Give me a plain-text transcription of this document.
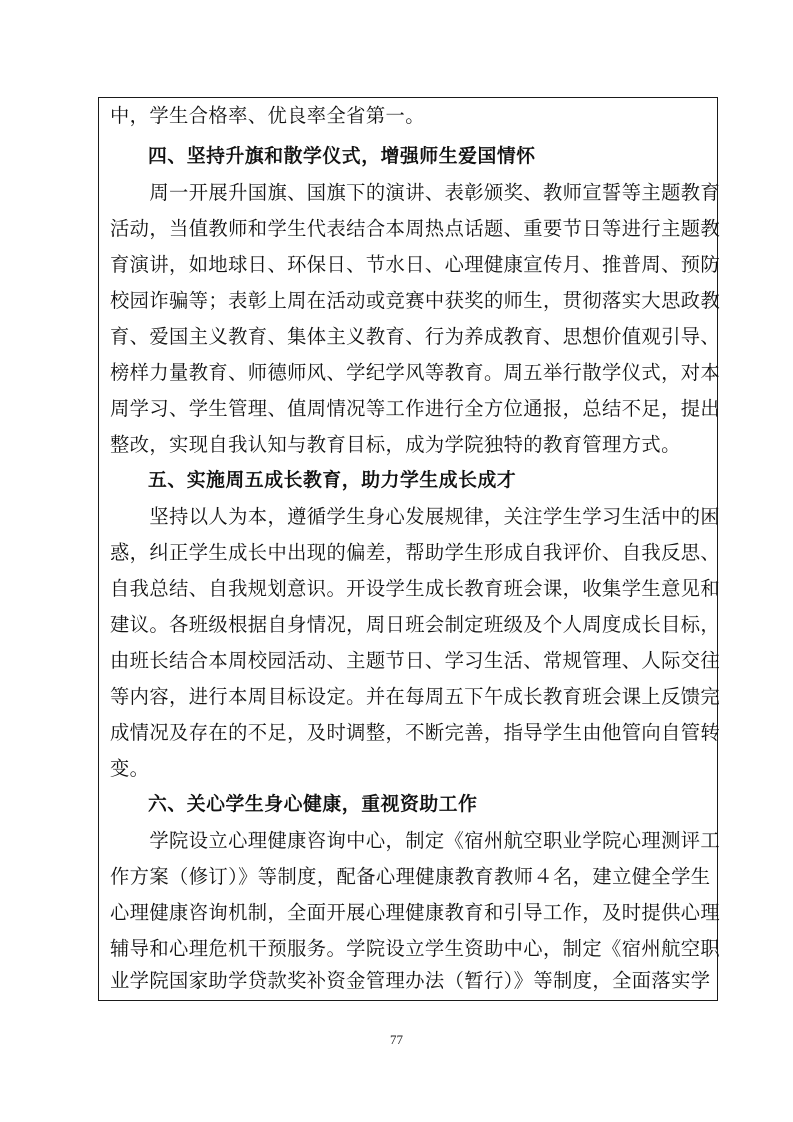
中，学生合格率、优良率全省第一。
四、坚持升旗和散学仪式，增强师生爱国情怀
　　周一开展升国旗、国旗下的演讲、表彰颁奖、教师宣誓等主题教育
活动，当值教师和学生代表结合本周热点话题、重要节日等进行主题教
育演讲，如地球日、环保日、节水日、心理健康宣传月、推普周、预防
校园诈骗等；表彰上周在活动或竞赛中获奖的师生，贯彻落实大思政教
育、爱国主义教育、集体主义教育、行为养成教育、思想价值观引导、
榜样力量教育、师德师风、学纪学风等教育。周五举行散学仪式，对本
周学习、学生管理、值周情况等工作进行全方位通报，总结不足，提出
整改，实现自我认知与教育目标，成为学院独特的教育管理方式。
五、实施周五成长教育，助力学生成长成才
　　坚持以人为本，遵循学生身心发展规律，关注学生学习生活中的困
惑，纠正学生成长中出现的偏差，帮助学生形成自我评价、自我反思、
自我总结、自我规划意识。开设学生成长教育班会课，收集学生意见和
建议。各班级根据自身情况，周日班会制定班级及个人周度成长目标，
由班长结合本周校园活动、主题节日、学习生活、常规管理、人际交往
等内容，进行本周目标设定。并在每周五下午成长教育班会课上反馈完
成情况及存在的不足，及时调整，不断完善，指导学生由他管向自管转
变。
六、关心学生身心健康，重视资助工作
　　学院设立心理健康咨询中心，制定《宿州航空职业学院心理测评工
作方案（修订）》等制度，配备心理健康教育教师４名，建立健全学生
心理健康咨询机制，全面开展心理健康教育和引导工作，及时提供心理
辅导和心理危机干预服务。学院设立学生资助中心，制定《宿州航空职
业学院国家助学贷款奖补资金管理办法（暂行）》等制度，全面落实学
77
